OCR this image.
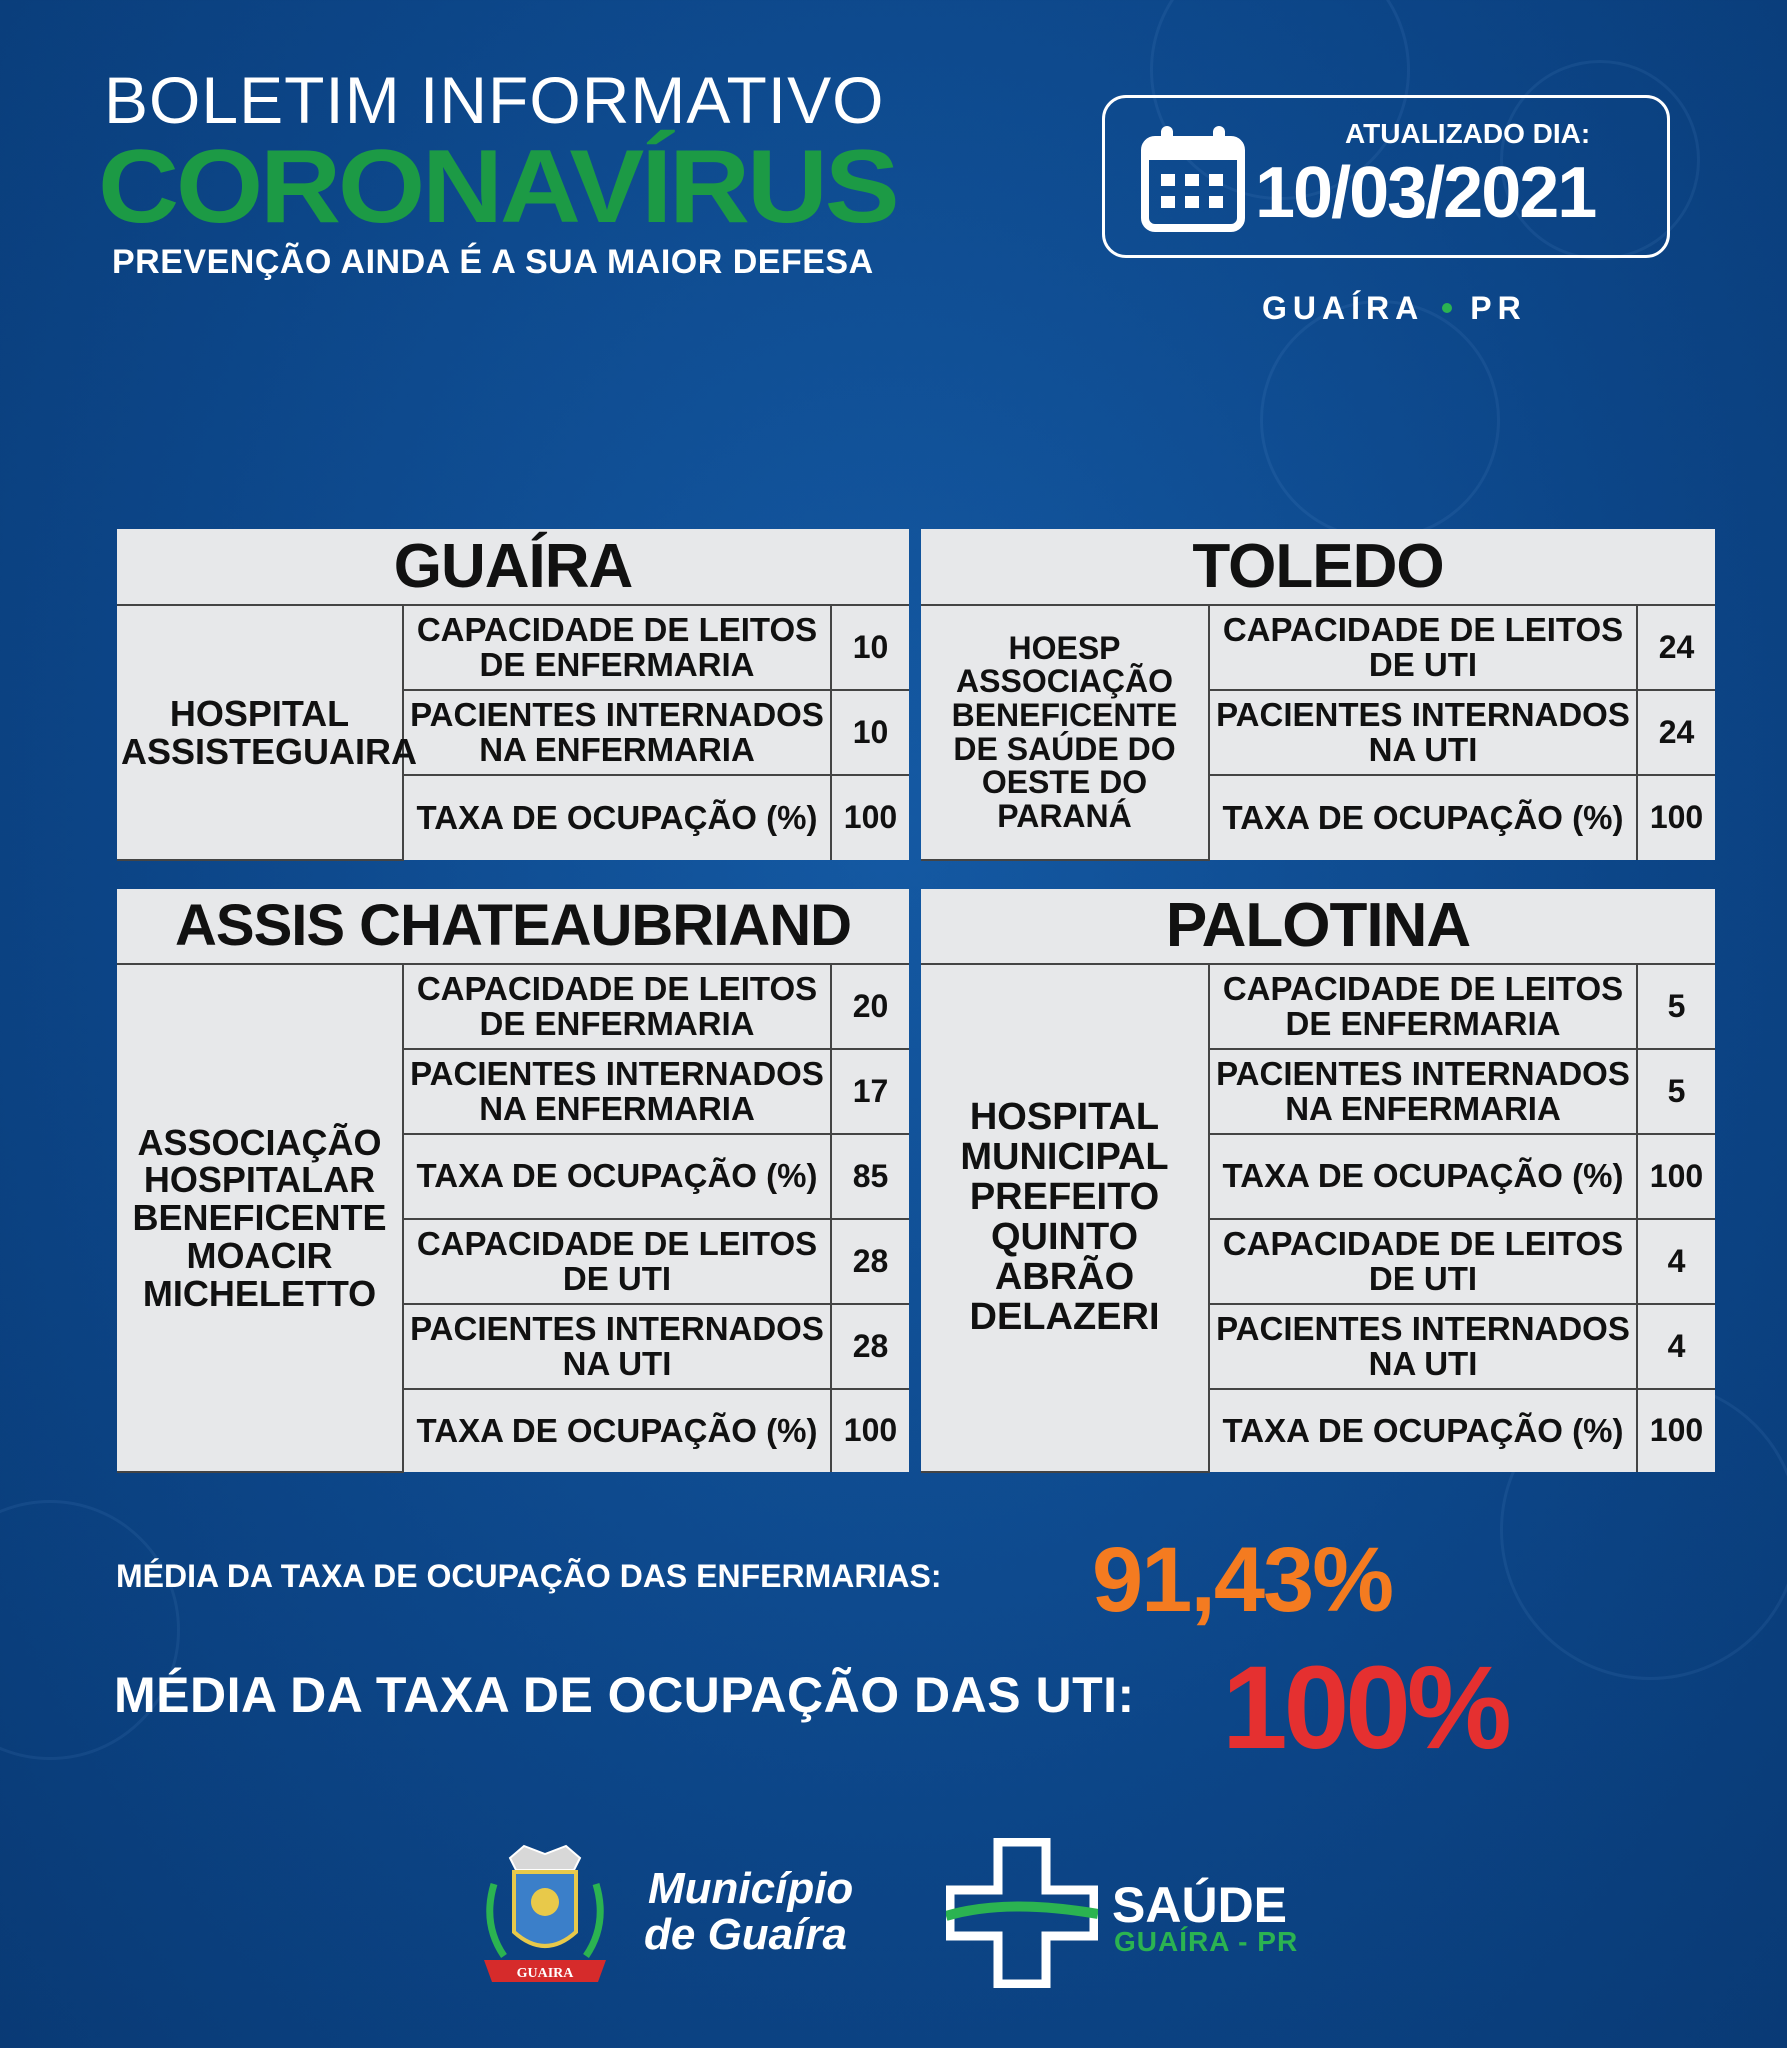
BOLETIM INFORMATIVO
CORONAVÍRUS
PREVENÇÃO AINDA É A SUA MAIOR DEFESA
ATUALIZADO DIA:
10/03/2021
GUAÍRA PR
GUAÍRA		
HOSPITAL ASSISTEGUAIRA	CAPACIDADE DE LEITOS DE ENFERMARIA	10
	PACIENTES INTERNADOS NA ENFERMARIA	10
	TAXA DE OCUPAÇÃO (%)	100
TOLEDO		
HOESP ASSOCIAÇÃO BENEFICENTE DE SAÚDE DO OESTE DO PARANÁ	CAPACIDADE DE LEITOS DE UTI	24
	PACIENTES INTERNADOS NA UTI	24
	TAXA DE OCUPAÇÃO (%)	100
ASSIS CHATEAUBRIAND		
ASSOCIAÇÃO HOSPITALAR BENEFICENTE MOACIR MICHELETTO	CAPACIDADE DE LEITOS DE ENFERMARIA	20
	PACIENTES INTERNADOS NA ENFERMARIA	17
	TAXA DE OCUPAÇÃO (%)	85
	CAPACIDADE DE LEITOS DE UTI	28
	PACIENTES INTERNADOS NA UTI	28
	TAXA DE OCUPAÇÃO (%)	100
PALOTINA		
HOSPITAL MUNICIPAL PREFEITO QUINTO ABRÃO DELAZERI	CAPACIDADE DE LEITOS DE ENFERMARIA	5
	PACIENTES INTERNADOS NA ENFERMARIA	5
	TAXA DE OCUPAÇÃO (%)	100
	CAPACIDADE DE LEITOS DE UTI	4
	PACIENTES INTERNADOS NA UTI	4
	TAXA DE OCUPAÇÃO (%)	100
MÉDIA DA TAXA DE OCUPAÇÃO DAS ENFERMARIAS: 91,43%
MÉDIA DA TAXA DE OCUPAÇÃO DAS UTI: 100%
GUAIRA
Município
de Guaíra
SAÚDE
GUAÍRA - PR
